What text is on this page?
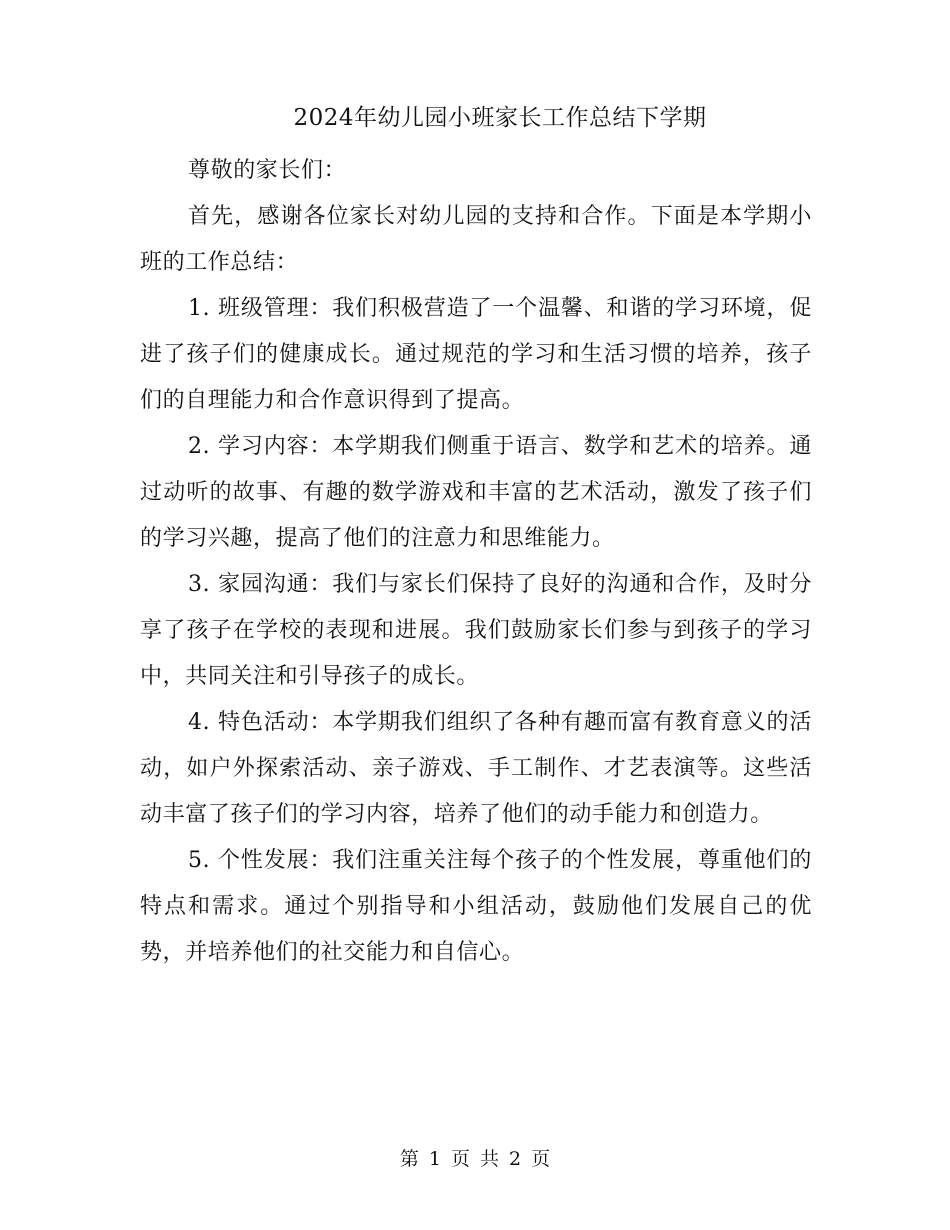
2024年幼儿园小班家长工作总结下学期

尊敬的家长们：

首先，感谢各位家长对幼儿园的支持和合作。下面是本学期小班的工作总结：

1. 班级管理：我们积极营造了一个温馨、和谐的学习环境，促进了孩子们的健康成长。通过规范的学习和生活习惯的培养，孩子们的自理能力和合作意识得到了提高。

2. 学习内容：本学期我们侧重于语言、数学和艺术的培养。通过动听的故事、有趣的数学游戏和丰富的艺术活动，激发了孩子们的学习兴趣，提高了他们的注意力和思维能力。

3. 家园沟通：我们与家长们保持了良好的沟通和合作，及时分享了孩子在学校的表现和进展。我们鼓励家长们参与到孩子的学习中，共同关注和引导孩子的成长。

4. 特色活动：本学期我们组织了各种有趣而富有教育意义的活动，如户外探索活动、亲子游戏、手工制作、才艺表演等。这些活动丰富了孩子们的学习内容，培养了他们的动手能力和创造力。

5. 个性发展：我们注重关注每个孩子的个性发展，尊重他们的特点和需求。通过个别指导和小组活动，鼓励他们发展自己的优势，并培养他们的社交能力和自信心。

第 1 页 共 2 页
